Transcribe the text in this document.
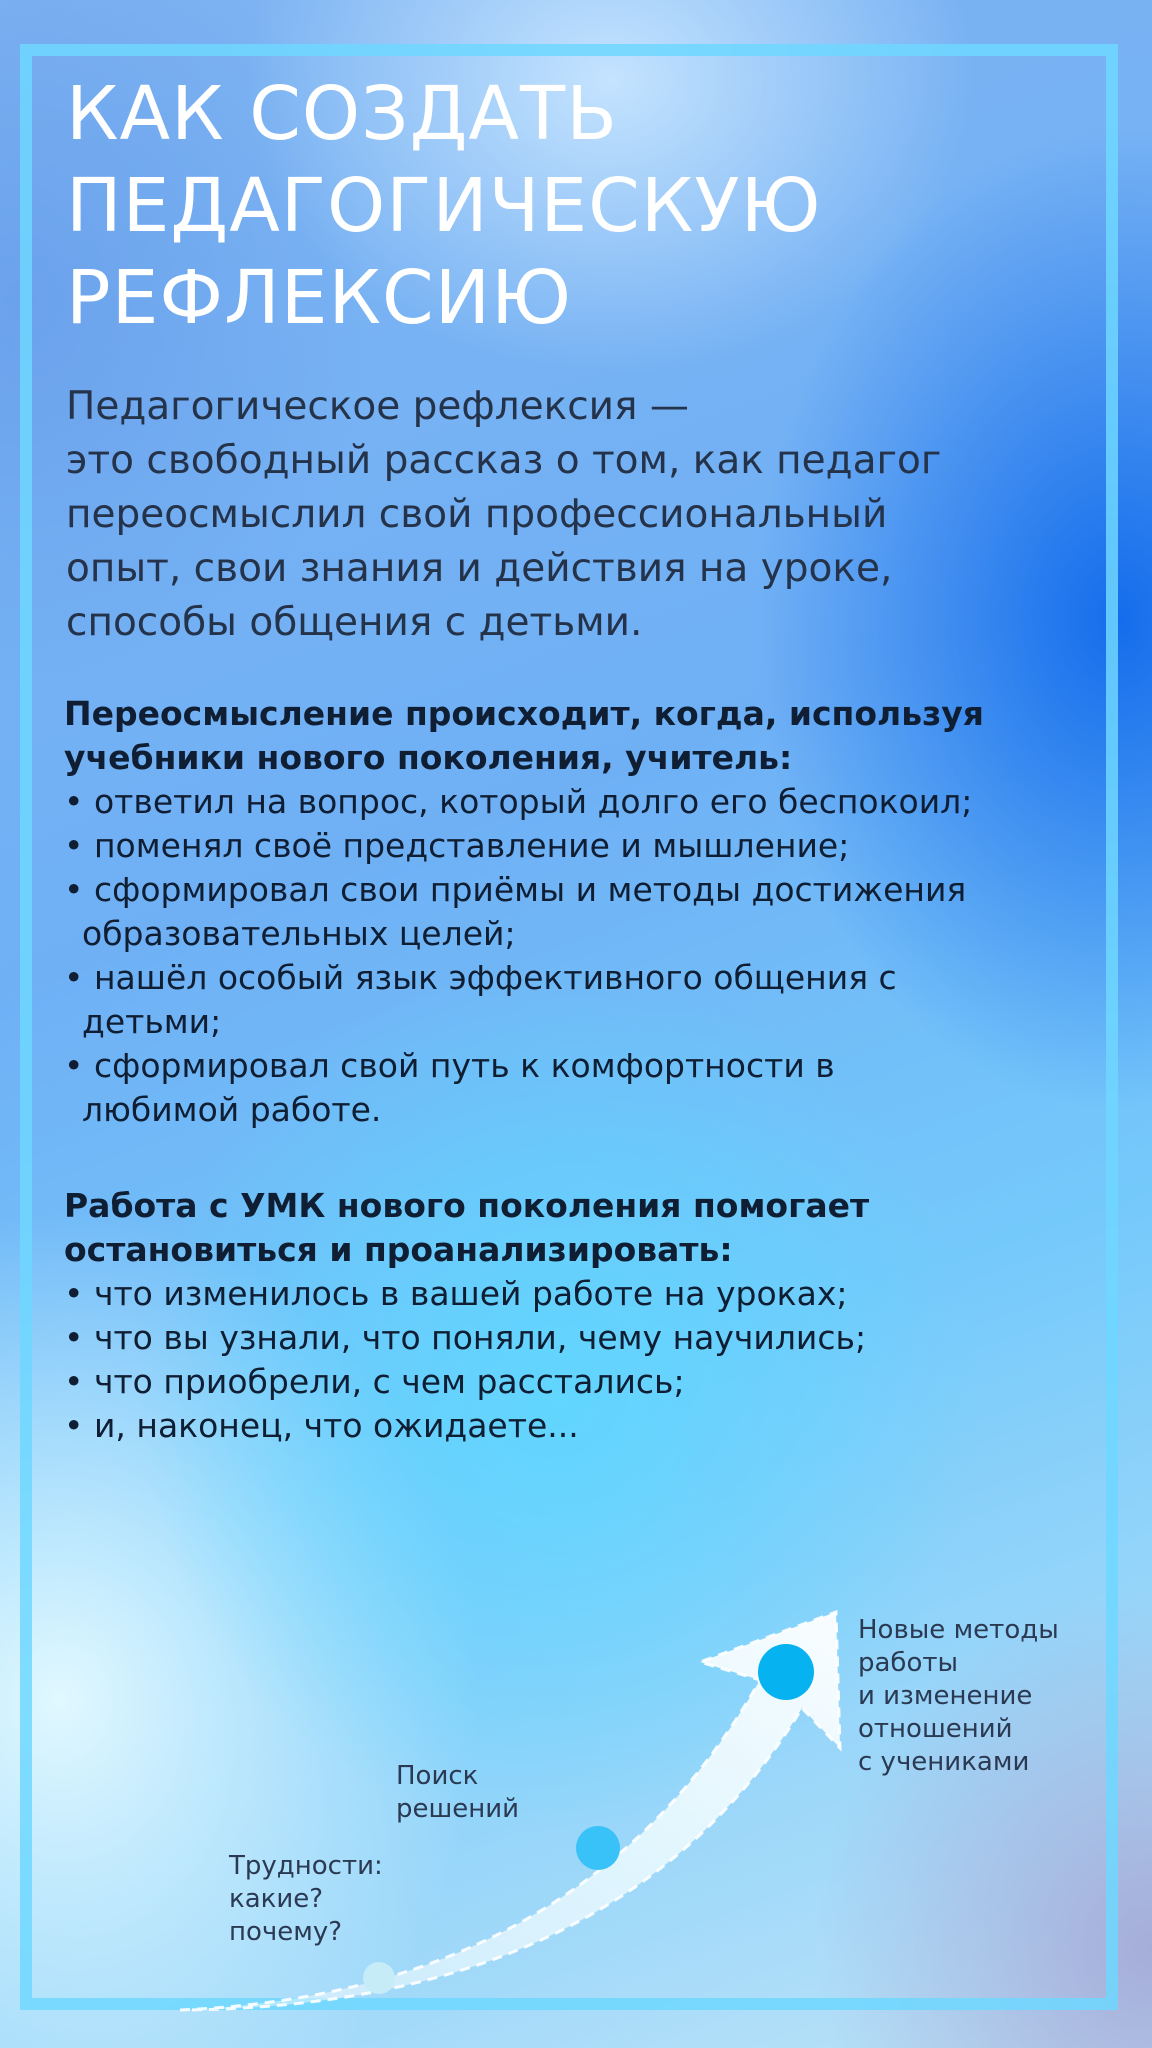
КАК СОЗДАТЬ
ПЕДАГОГИЧЕСКУЮ
РЕФЛЕКСИЮ
Педагогическое рефлексия —
это свободный рассказ о том, как педагог
переосмыслил свой профессиональный
опыт, свои знания и действия на уроке,
способы общения с детьми.
Переосмысление происходит, когда, используя
учебники нового поколения, учитель:
• ответил на вопрос, который долго его беспокоил;
• поменял своё представление и мышление;
• сформировал свои приёмы и методы достижения
образовательных целей;
• нашёл особый язык эффективного общения с
детьми;
• сформировал свой путь к комфортности в
любимой работе.
Работа с УМК нового поколения помогает
остановиться и проанализировать:
• что изменилось в вашей работе на уроках;
• что вы узнали, что поняли, чему научились;
• что приобрели, с чем расстались;
• и, наконец, что ожидаете...
Трудности:
какие?
почему?
Поиск
решений
Новые методы
работы
и изменение
отношений
с учениками
